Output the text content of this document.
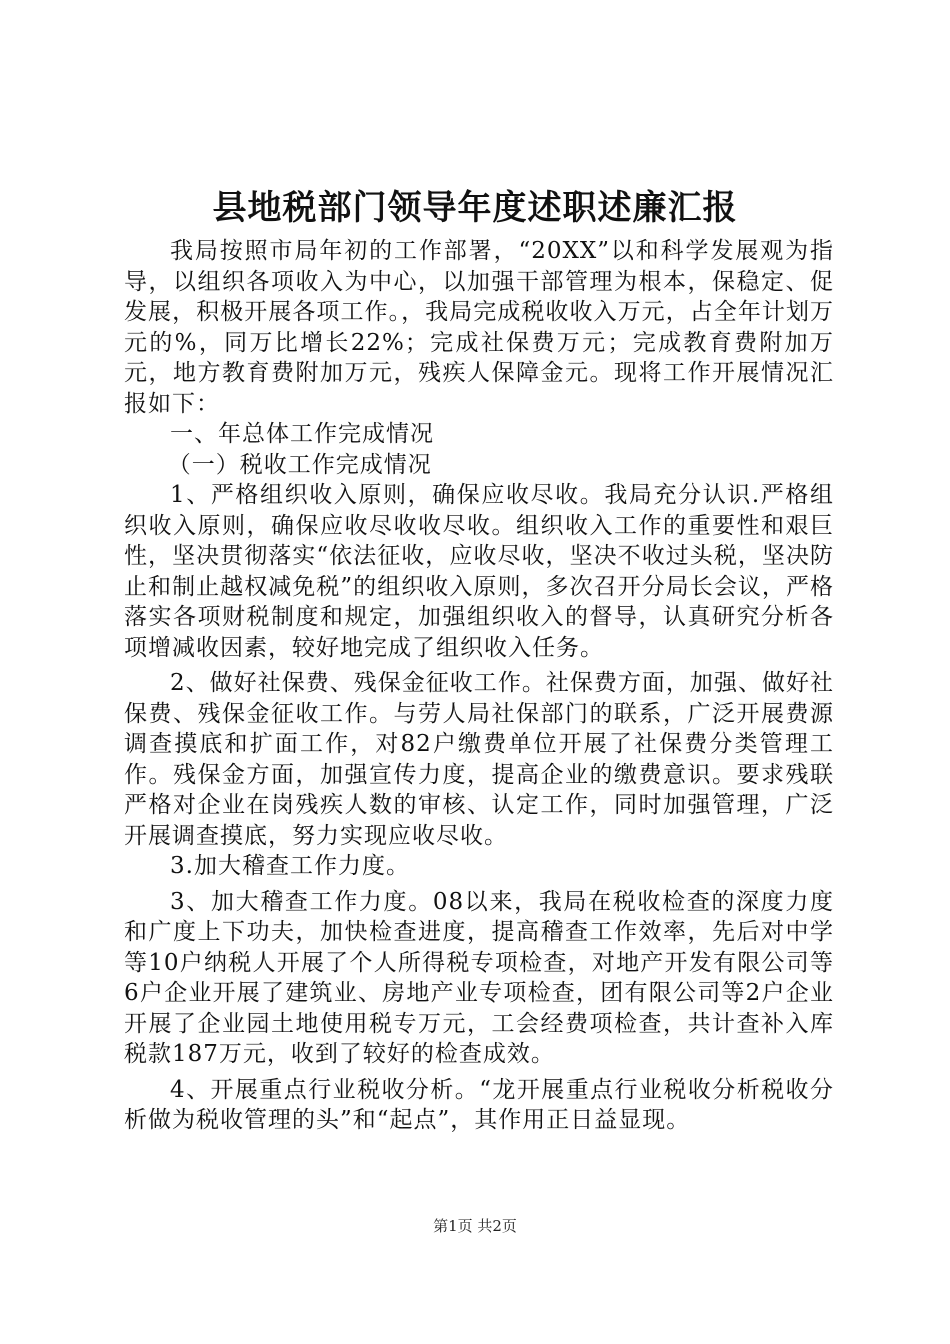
县地税部门领导年度述职述廉汇报

我局按照市局年初的工作部署，“20XX”以和科学发展观为指导，以组织各项收入为中心，以加强干部管理为根本，保稳定、促发展，积极开展各项工作。，我局完成税收收入万元，占全年计划万元的%，同万比增长22%；完成社保费万元；完成教育费附加万元，地方教育费附加万元，残疾人保障金元。现将工作开展情况汇报如下：

一、年总体工作完成情况

（一）税收工作完成情况

1、严格组织收入原则，确保应收尽收。我局充分认识.严格组织收入原则，确保应收尽收收尽收。组织收入工作的重要性和艰巨性，坚决贯彻落实“依法征收，应收尽收，坚决不收过头税，坚决防止和制止越权减免税”的组织收入原则，多次召开分局长会议，严格落实各项财税制度和规定，加强组织收入的督导，认真研究分析各项增减收因素，较好地完成了组织收入任务。

2、做好社保费、残保金征收工作。社保费方面，加强、做好社保费、残保金征收工作。与劳人局社保部门的联系，广泛开展费源调查摸底和扩面工作，对82户缴费单位开展了社保费分类管理工作。残保金方面，加强宣传力度，提高企业的缴费意识。要求残联严格对企业在岗残疾人数的审核、认定工作，同时加强管理，广泛开展调查摸底，努力实现应收尽收。

3.加大稽查工作力度。

3、加大稽查工作力度。08以来，我局在税收检查的深度力度和广度上下功夫，加快检查进度，提高稽查工作效率，先后对中学等10户纳税人开展了个人所得税专项检查，对地产开发有限公司等6户企业开展了建筑业、房地产业专项检查，团有限公司等2户企业开展了企业园土地使用税专万元，工会经费项检查，共计查补入库税款187万元，收到了较好的检查成效。

4、开展重点行业税收分析。“龙开展重点行业税收分析税收分析做为税收管理的头”和“起点”，其作用正日益显现。

第1页 共2页
